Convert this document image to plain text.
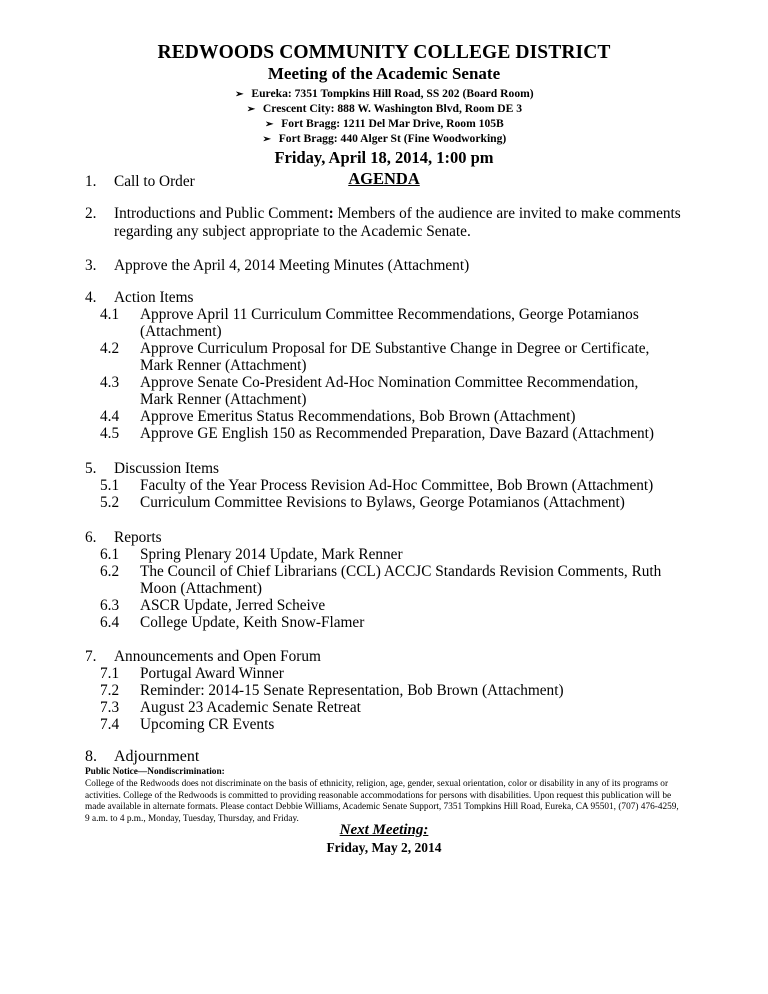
REDWOODS COMMUNITY COLLEGE DISTRICT
Meeting of the Academic Senate
➢ Eureka: 7351 Tompkins Hill Road, SS 202 (Board Room)
➢ Crescent City: 888 W. Washington Blvd, Room DE 3
➢ Fort Bragg: 1211 Del Mar Drive, Room 105B
➢ Fort Bragg: 440 Alger St (Fine Woodworking)
Friday, April 18, 2014, 1:00 pm
AGENDA
1. Call to Order
2. Introductions and Public Comment: Members of the audience are invited to make comments
regarding any subject appropriate to the Academic Senate.
3. Approve the April 4, 2014 Meeting Minutes (Attachment)
4. Action Items
4.1 Approve April 11 Curriculum Committee Recommendations, George Potamianos
(Attachment)
4.2 Approve Curriculum Proposal for DE Substantive Change in Degree or Certificate,
Mark Renner (Attachment)
4.3 Approve Senate Co-President Ad-Hoc Nomination Committee Recommendation,
Mark Renner (Attachment)
4.4 Approve Emeritus Status Recommendations, Bob Brown (Attachment)
4.5 Approve GE English 150 as Recommended Preparation, Dave Bazard (Attachment)
5. Discussion Items
5.1 Faculty of the Year Process Revision Ad-Hoc Committee, Bob Brown (Attachment)
5.2 Curriculum Committee Revisions to Bylaws, George Potamianos (Attachment)
6. Reports
6.1 Spring Plenary 2014 Update, Mark Renner
6.2 The Council of Chief Librarians (CCL) ACCJC Standards Revision Comments, Ruth
Moon (Attachment)
6.3 ASCR Update, Jerred Scheive
6.4 College Update, Keith Snow-Flamer
7. Announcements and Open Forum
7.1 Portugal Award Winner
7.2 Reminder: 2014-15 Senate Representation, Bob Brown (Attachment)
7.3 August 23 Academic Senate Retreat
7.4 Upcoming CR Events
8. Adjournment
Public Notice—Nondiscrimination:
College of the Redwoods does not discriminate on the basis of ethnicity, religion, age, gender, sexual orientation, color or disability in any of its programs or activities. College of the Redwoods is committed to providing reasonable accommodations for persons with disabilities. Upon request this publication will be made available in alternate formats. Please contact Debbie Williams, Academic Senate Support, 7351 Tompkins Hill Road, Eureka, CA 95501, (707) 476-4259, 9 a.m. to 4 p.m., Monday, Tuesday, Thursday, and Friday.
Next Meeting:
Friday, May 2, 2014
